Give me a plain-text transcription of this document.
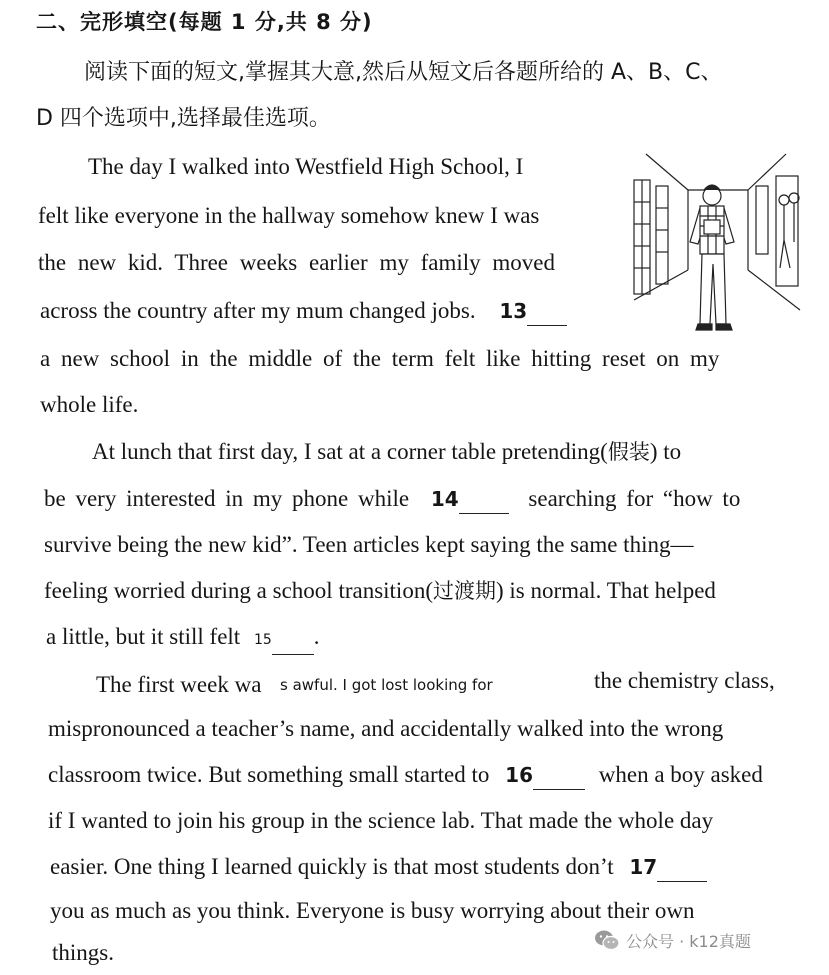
二、完形填空(每题 1 分,共 8 分)
阅读下面的短文,掌握其大意,然后从短文后各题所给的 A、B、C、
D 四个选项中,选择最佳选项。
The day I walked into Westfield High School, I
felt like everyone in the hallway somehow knew I was
the new kid. Three weeks earlier my family moved
across the country after my mum changed jobs. 13
a new school in the middle of the term felt like hitting reset on my
whole life.
At lunch that first day, I sat at a corner table pretending(假装) to
be very interested in my phone while 14	searching for “how to
survive being the new kid”. Teen articles kept saying the same thing—
feeling worried during a school transition(过渡期) is normal. That helped
a little, but it still felt 15 .
The first week wa s awful. I got lost looking for	the chemistry class,
mispronounced a teacher’s name, and accidentally walked into the wrong
classroom twice. But something small started to 16	when a boy asked
if I wanted to join his group in the science lab. That made the whole day
easier. One thing I learned quickly is that most students don’t 17
you as much as you think. Everyone is busy worrying about their own
things.	公众号 · k12真题
